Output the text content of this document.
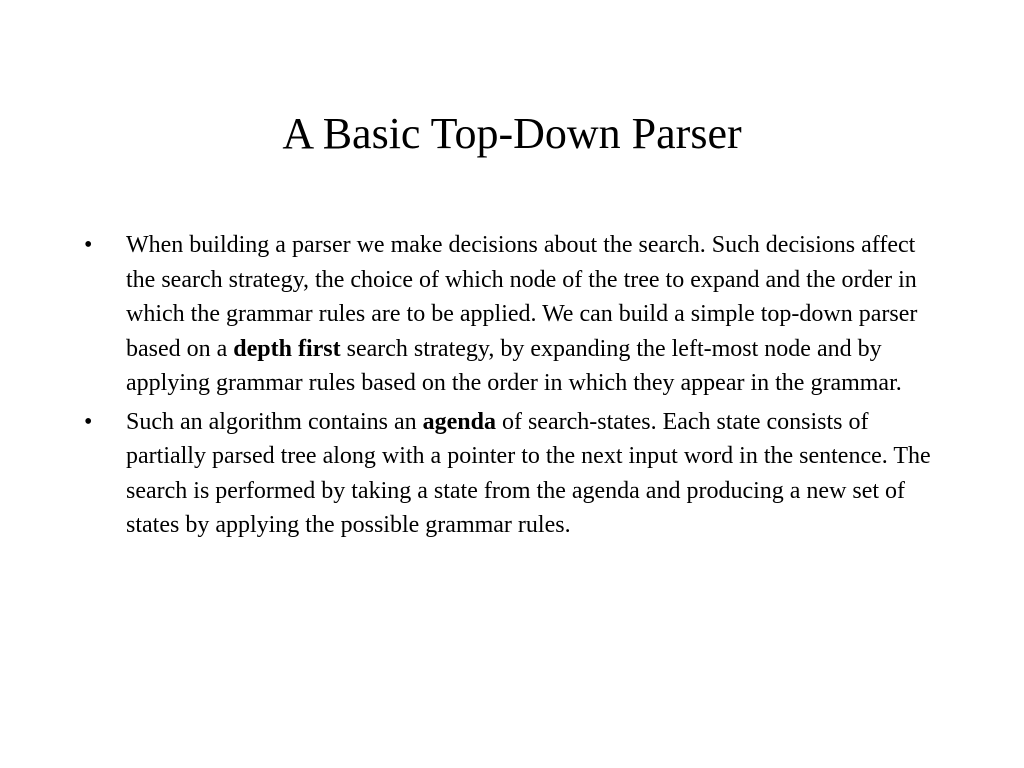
A Basic Top-Down Parser
•	When building a parser we make decisions about the search. Such decisions affect the search strategy, the choice of which node of the tree to expand and the order in which the grammar rules are to be applied. We can build a simple top-down parser based on a depth first search strategy, by expanding the left-most node and by applying grammar rules based on the order in which they appear in the grammar.
•	Such an algorithm contains an agenda of search-states. Each state consists of partially parsed tree along with a pointer to the next input word in the sentence. The search is performed by taking a state from the agenda and producing a new set of states by applying the possible grammar rules.
